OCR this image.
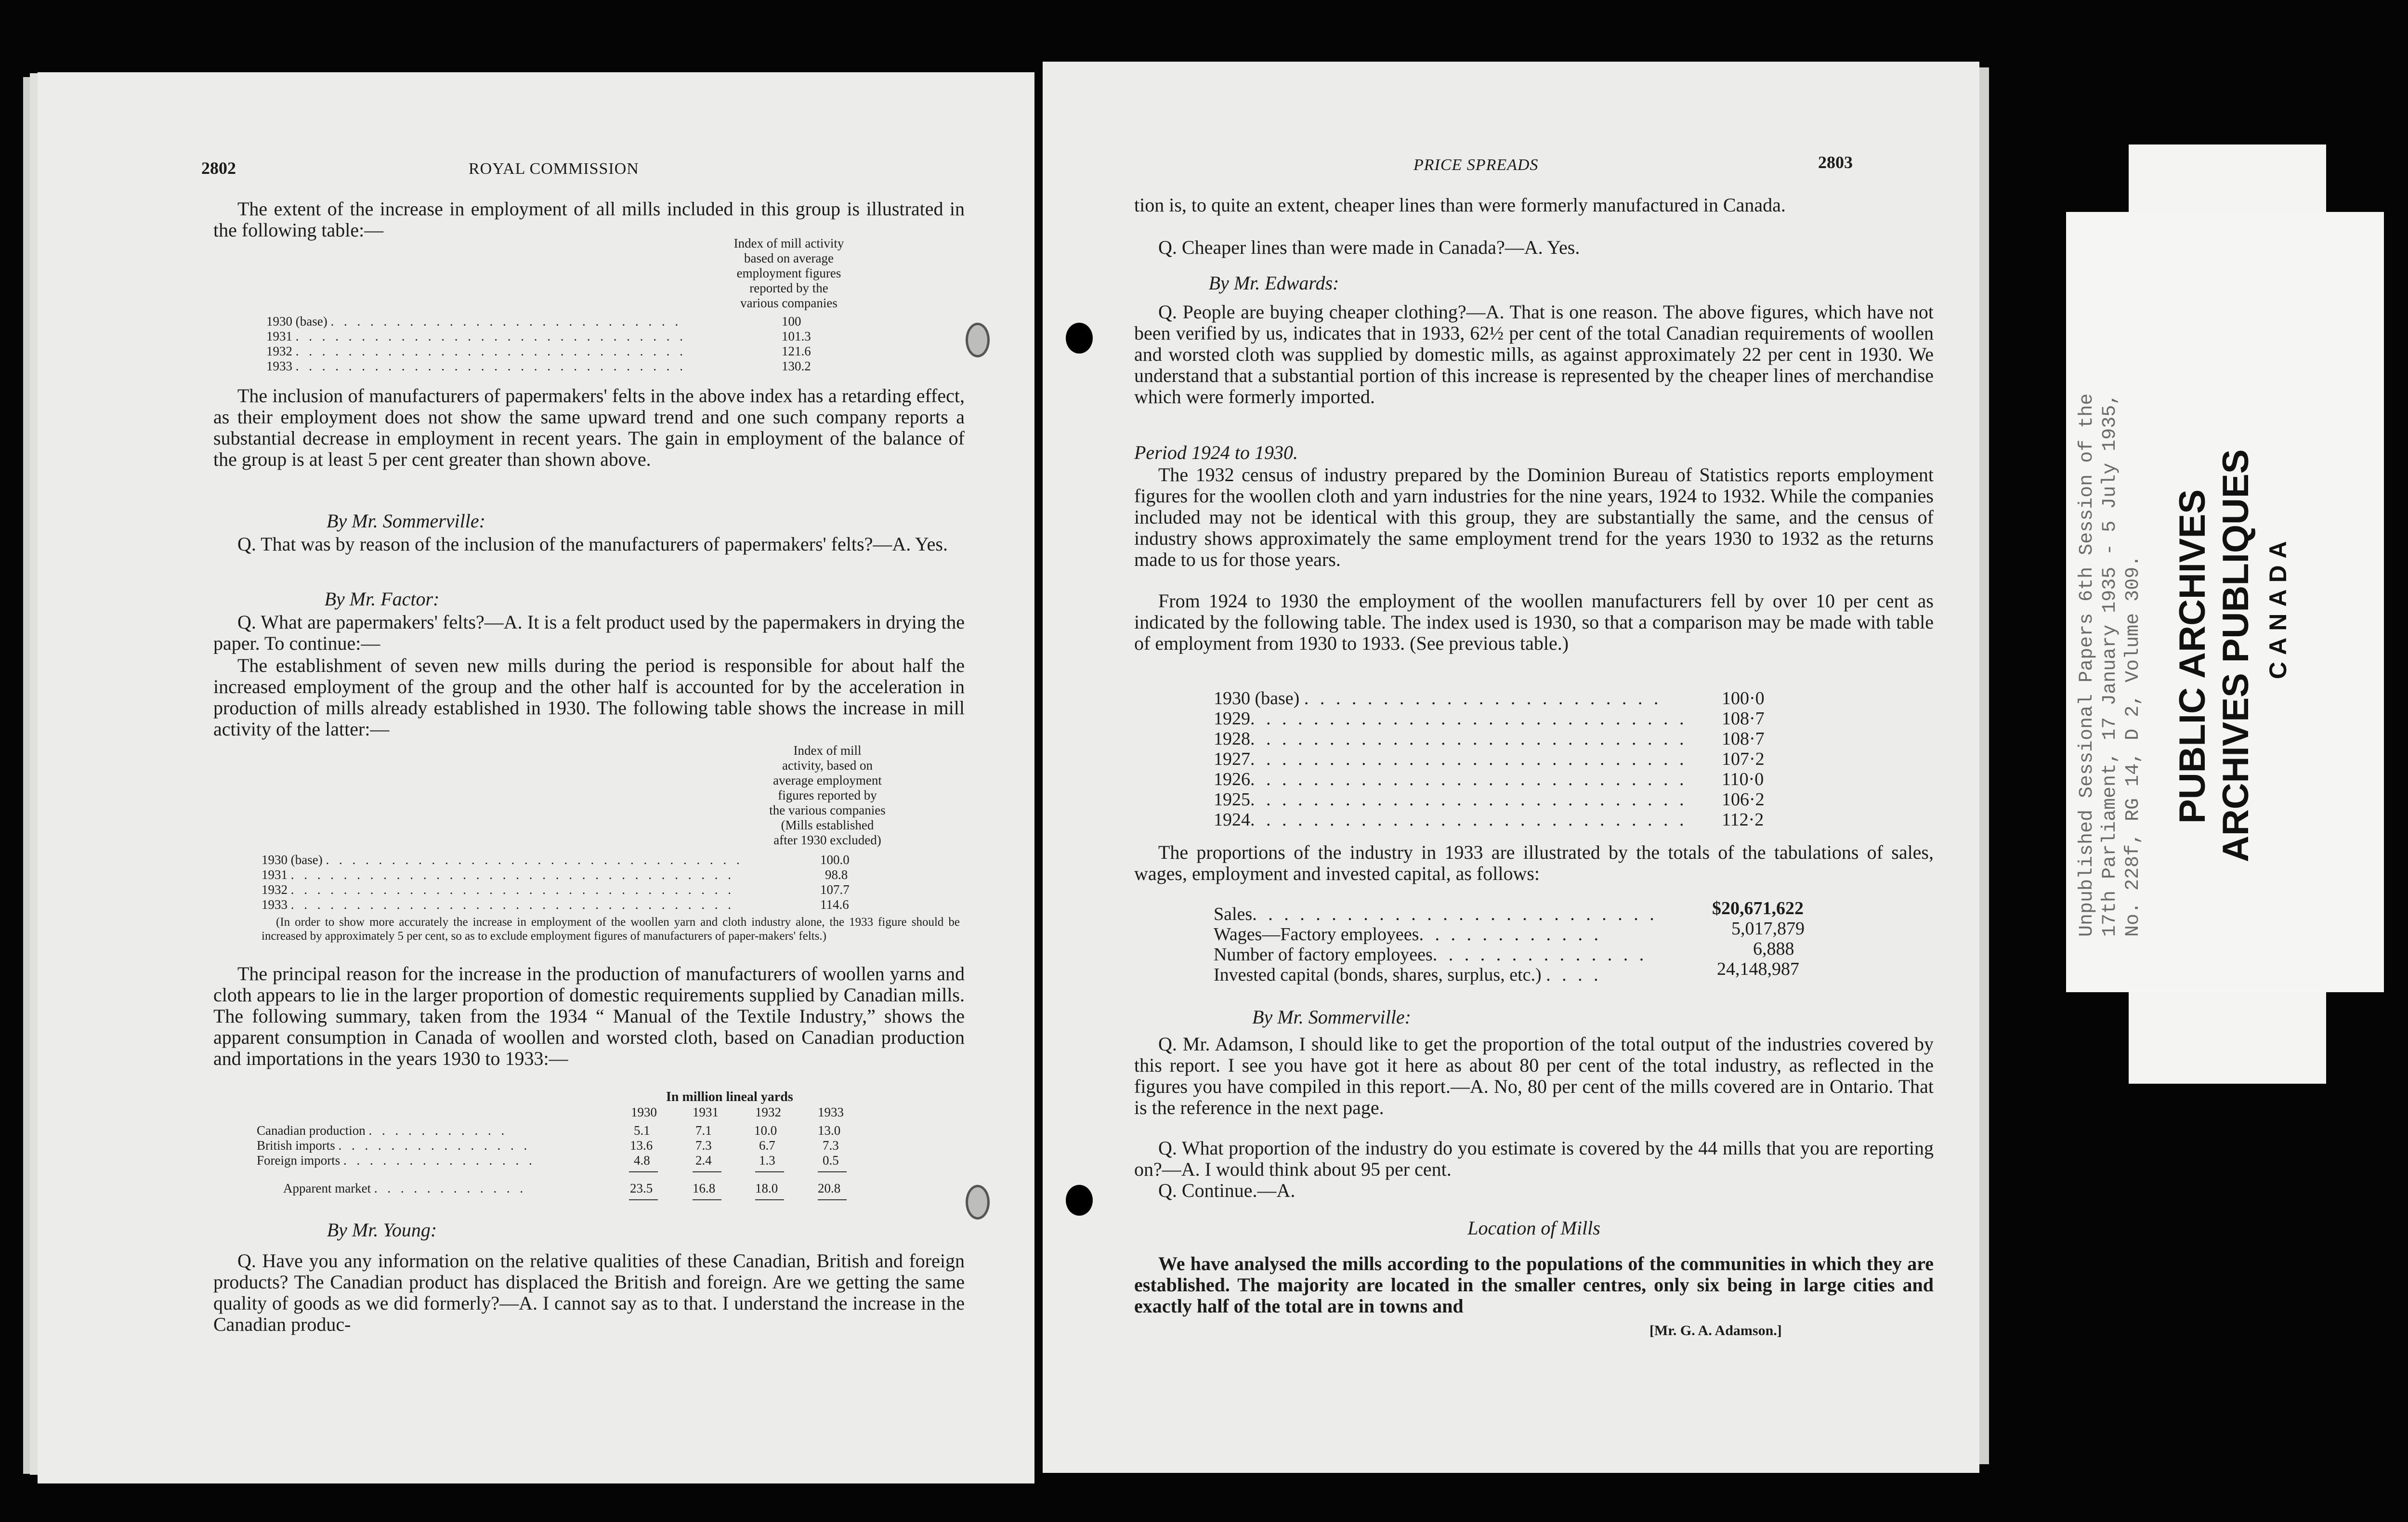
2802	ROYAL COMMISSION
The extent of the increase in employment of all mills included in this group is illustrated in the following table:—
Index of mill activity
based on average
employment figures
reported by the
various companies
1930 (base) . . . . . . . . . . . . . . . . . . . . . . . . . . .	100
1931 . . . . . . . . . . . . . . . . . . . . . . . . . . . . . .	101.3
1932 . . . . . . . . . . . . . . . . . . . . . . . . . . . . . .	121.6
1933 . . . . . . . . . . . . . . . . . . . . . . . . . . . . . .	130.2
The inclusion of manufacturers of papermakers' felts in the above index has a retarding effect, as their employment does not show the same upward trend and one such company reports a substantial decrease in employment in recent years. The gain in employment of the balance of the group is at least 5 per cent greater than shown above.
By Mr. Sommerville:
Q. That was by reason of the inclusion of the manufacturers of papermakers' felts?—A. Yes.
By Mr. Factor:
Q. What are papermakers' felts?—A. It is a felt product used by the papermakers in drying the paper. To continue:—
The establishment of seven new mills during the period is responsible for about half the increased employment of the group and the other half is accounted for by the acceleration in production of mills already established in 1930. The following table shows the increase in mill activity of the latter:—
Index of mill
activity, based on
average employment
figures reported by
the various companies
(Mills established
after 1930 excluded)
1930 (base) . . . . . . . . . . . . . . . . . . . . . . . . . . . . . . . .	100.0
1931 . . . . . . . . . . . . . . . . . . . . . . . . . . . . . . . . . .	98.8
1932 . . . . . . . . . . . . . . . . . . . . . . . . . . . . . . . . . .	107.7
1933 . . . . . . . . . . . . . . . . . . . . . . . . . . . . . . . . . .	114.6
(In order to show more accurately the increase in employment of the woollen yarn and cloth industry alone, the 1933 figure should be increased by approximately 5 per cent, so as to exclude employment figures of manufacturers of paper-makers' felts.)
The principal reason for the increase in the production of manufacturers of woollen yarns and cloth appears to lie in the larger proportion of domestic requirements supplied by Canadian mills. The following summary, taken from the 1934 “ Manual of the Textile Industry,” shows the apparent consumption in Canada of woollen and worsted cloth, based on Canadian production and importations in the years 1930 to 1933:—
In million lineal yards
1930	1931	1932	1933
Canadian production . . . . . . . . . . .	5.1	7.1	10.0	13.0
British imports . . . . . . . . . . . . . . .	13.6	7.3	6.7	7.3
Foreign imports . . . . . . . . . . . . . . .	4.8	2.4	1.3	0.5
Apparent market . . . . . . . . . . . .	23.5	16.8	18.0	20.8
By Mr. Young:
Q. Have you any information on the relative qualities of these Canadian, British and foreign products? The Canadian product has displaced the British and foreign. Are we getting the same quality of goods as we did formerly?—A. I cannot say as to that. I understand the increase in the Canadian produc-
PRICE SPREADS	2803
tion is, to quite an extent, cheaper lines than were formerly manufactured in Canada.
Q. Cheaper lines than were made in Canada?—A. Yes.
By Mr. Edwards:
Q. People are buying cheaper clothing?—A. That is one reason. The above figures, which have not been verified by us, indicates that in 1933, 62½ per cent of the total Canadian requirements of woollen and worsted cloth was supplied by domestic mills, as against approximately 22 per cent in 1930. We understand that a substantial portion of this increase is represented by the cheaper lines of merchandise which were formerly imported.
Period 1924 to 1930.
The 1932 census of industry prepared by the Dominion Bureau of Statistics reports employment figures for the woollen cloth and yarn industries for the nine years, 1924 to 1932. While the companies included may not be identical with this group, they are substantially the same, and the census of industry shows approximately the same employment trend for the years 1930 to 1932 as the returns made to us for those years.
From 1924 to 1930 the employment of the woollen manufacturers fell by over 10 per cent as indicated by the following table. The index used is 1930, so that a comparison may be made with table of employment from 1930 to 1933. (See previous table.)
1930 (base) . . . . . . . . . . . . . . . . . . . . . . .	100·0
1929. . . . . . . . . . . . . . . . . . . . . . . . . . . . 108·7
1928. . . . . . . . . . . . . . . . . . . . . . . . . . . . 108·7
1927. . . . . . . . . . . . . . . . . . . . . . . . . . . . 107·2
1926. . . . . . . . . . . . . . . . . . . . . . . . . . . . 110·0
1925. . . . . . . . . . . . . . . . . . . . . . . . . . . . 106·2
1924. . . . . . . . . . . . . . . . . . . . . . . . . . . . 112·2
The proportions of the industry in 1933 are illustrated by the totals of the tabulations of sales, wages, employment and invested capital, as follows:
Sales. . . . . . . . . . . . . . . . . . . . . . . . . .	$20,671,622
Wages—Factory employees. . . . . . . . . . . .	5,017,879
Number of factory employees. . . . . . . . . . . . . .	6,888
Invested capital (bonds, shares, surplus, etc.) . . . .	24,148,987
By Mr. Sommerville:
Q. Mr. Adamson, I should like to get the proportion of the total output of the industries covered by this report. I see you have got it here as about 80 per cent of the total industry, as reflected in the figures you have compiled in this report.—A. No, 80 per cent of the mills covered are in Ontario. That is the reference in the next page.
Q. What proportion of the industry do you estimate is covered by the 44 mills that you are reporting on?—A. I would think about 95 per cent.
Q. Continue.—A.
Location of Mills
We have analysed the mills according to the populations of the communities in which they are established. The majority are located in the smaller centres, only six being in large cities and exactly half of the total are in towns and
[Mr. G. A. Adamson.]
Unpublished Sessional Papers 6th Session of the 17th Parliament, 17 January 1935 - 5 July 1935, No. 228f, RG 14, D 2, Volume 309. PUBLIC ARCHIVES ARCHIVES PUBLIQUES CANADA
